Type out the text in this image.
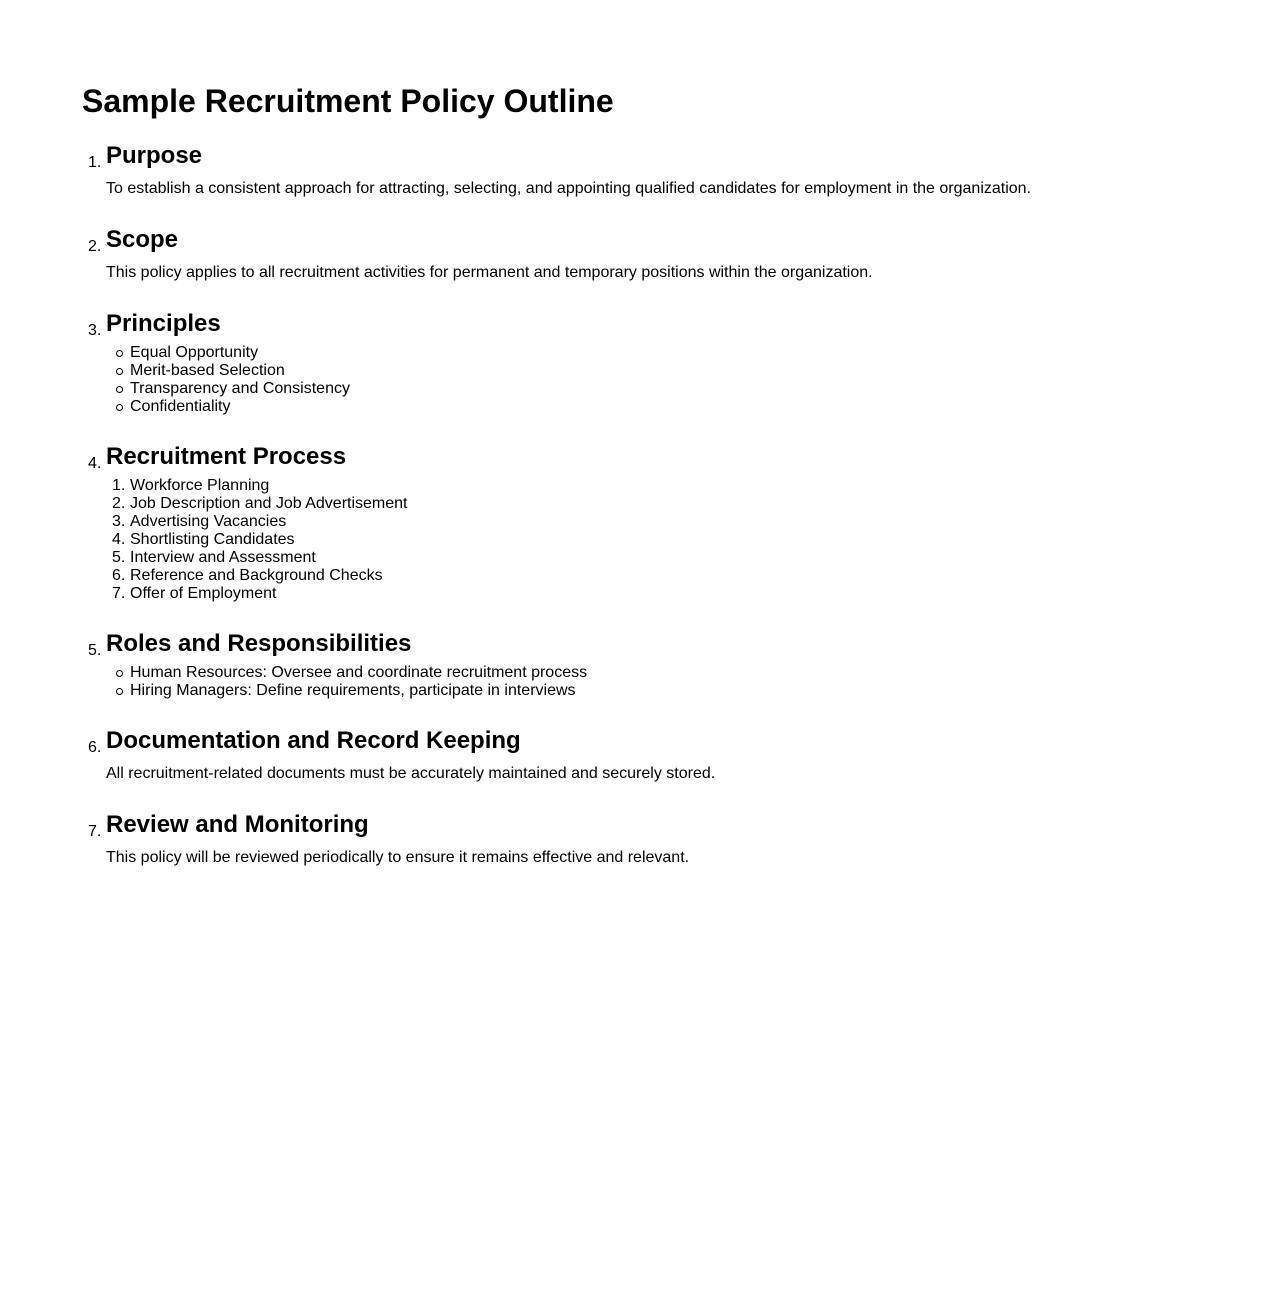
Sample Recruitment Policy Outline
1. Purpose

To establish a consistent approach for attracting, selecting, and appointing qualified candidates for employment in the organization.

2. Scope

This policy applies to all recruitment activities for permanent and temporary positions within the organization.

3. Principles
Equal Opportunity
Merit-based Selection
Transparency and Consistency
Confidentiality
4. Recruitment Process
1. Workforce Planning
2. Job Description and Job Advertisement
3. Advertising Vacancies
4. Shortlisting Candidates
5. Interview and Assessment
6. Reference and Background Checks
7. Offer of Employment
5. Roles and Responsibilities
Human Resources: Oversee and coordinate recruitment process
Hiring Managers: Define requirements, participate in interviews
6. Documentation and Record Keeping

All recruitment-related documents must be accurately maintained and securely stored.

7. Review and Monitoring

This policy will be reviewed periodically to ensure it remains effective and relevant.
